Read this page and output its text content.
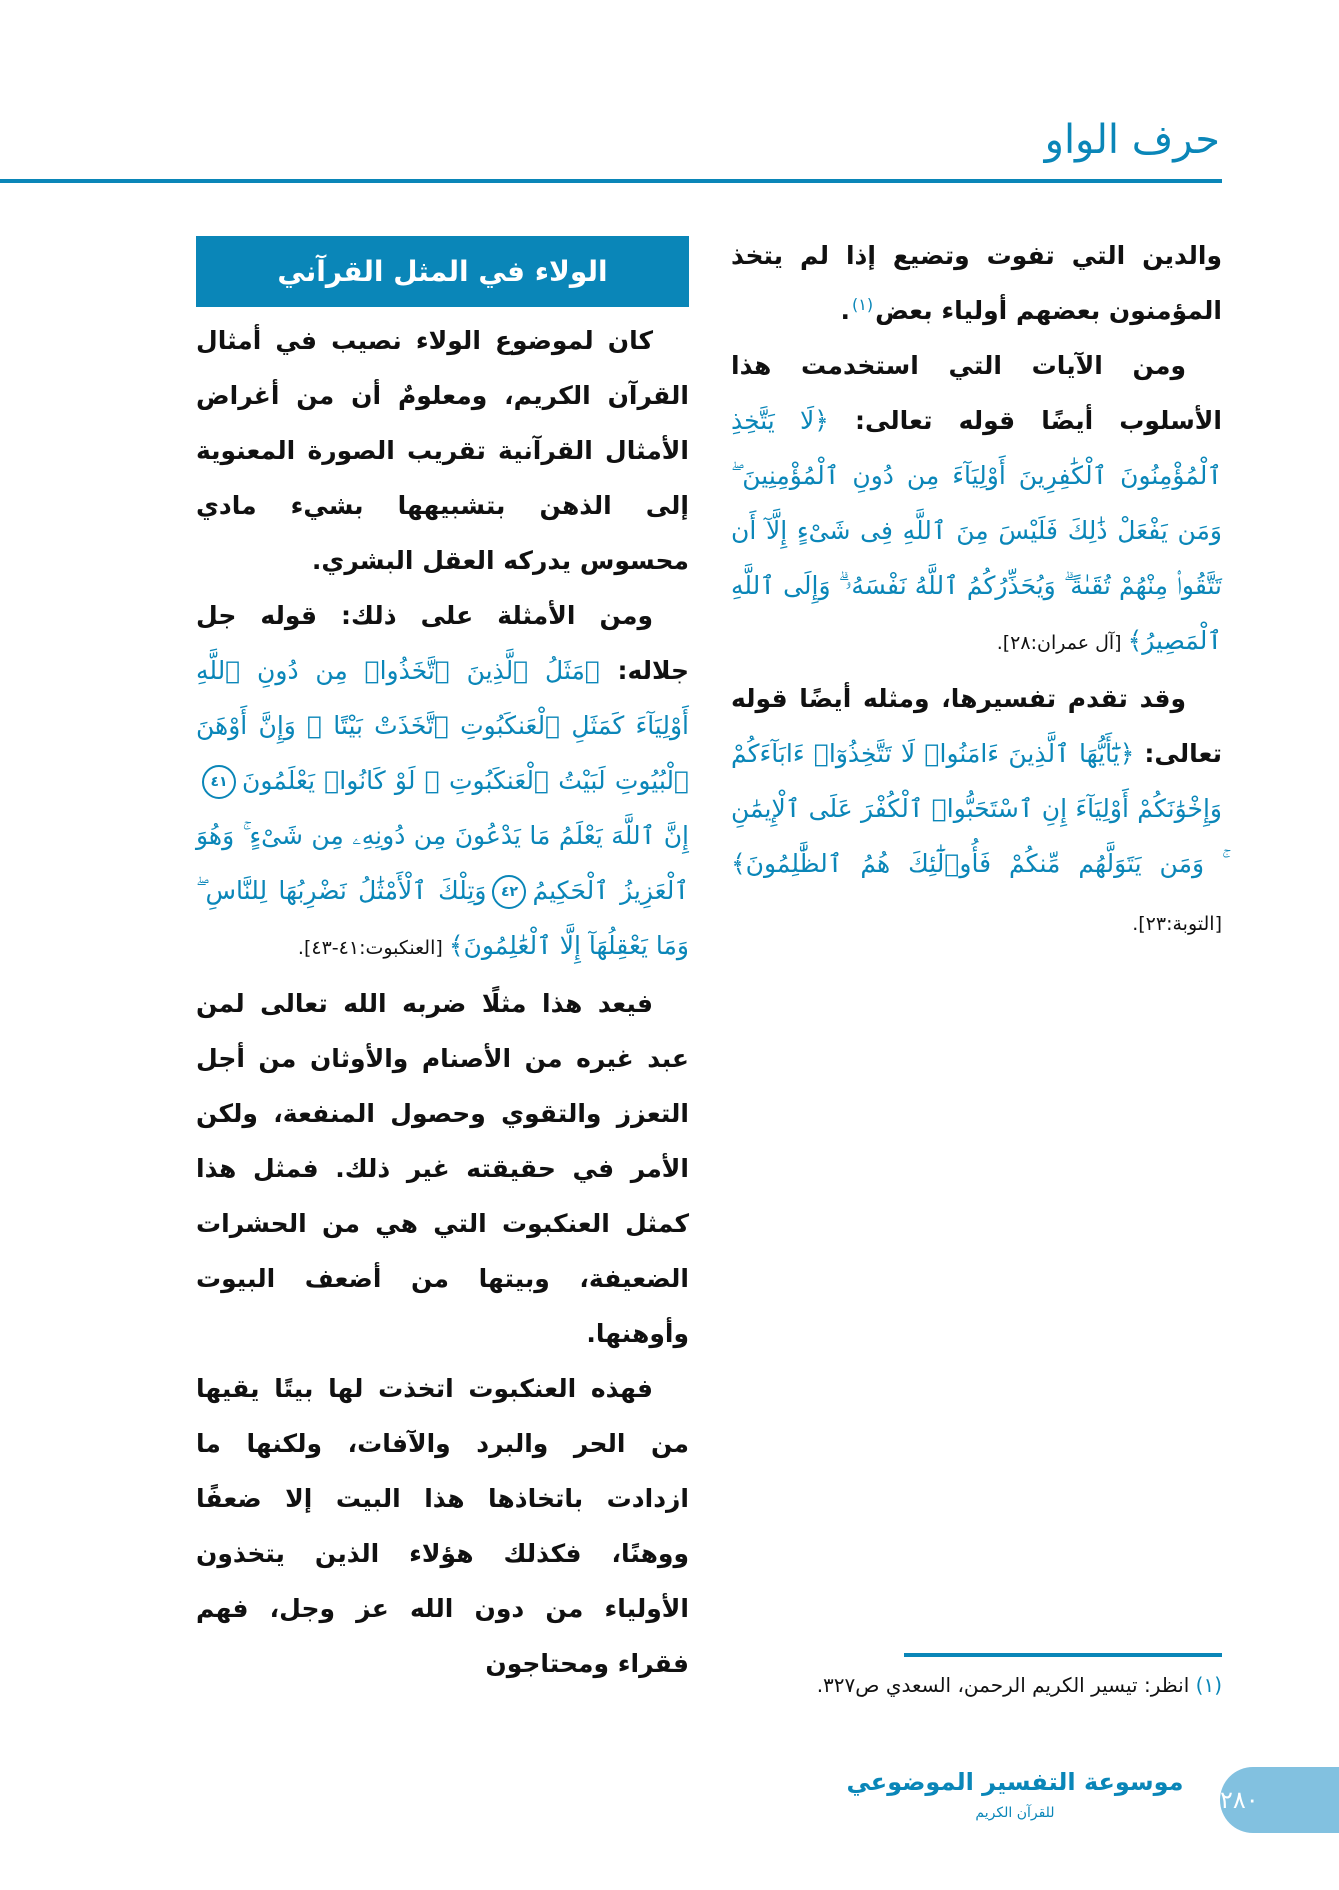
حرف الواو

والدين التي تفوت وتضيع إذا لم يتخذ المؤمنون بعضهم أولياء بعض(١).

ومن الآيات التي استخدمت هذا الأسلوب أيضًا قوله تعالى: ﴿لَا يَتَّخِذِ ٱلْمُؤْمِنُونَ ٱلْكَٰفِرِينَ أَوْلِيَآءَ مِن دُونِ ٱلْمُؤْمِنِينَ ۖ وَمَن يَفْعَلْ ذَٰلِكَ فَلَيْسَ مِنَ ٱللَّهِ فِى شَىْءٍ إِلَّآ أَن تَتَّقُوا۟ مِنْهُمْ تُقَىٰةً ۗ وَيُحَذِّرُكُمُ ٱللَّهُ نَفْسَهُۥ ۗ وَإِلَى ٱللَّهِ ٱلْمَصِيرُ﴾ [آل عمران:٢٨].

وقد تقدم تفسيرها، ومثله أيضًا قوله تعالى: ﴿يَٰٓأَيُّهَا ٱلَّذِينَ ءَامَنُوا۟ لَا تَتَّخِذُوٓا۟ ءَابَآءَكُمْ وَإِخْوَٰنَكُمْ أَوْلِيَآءَ إِنِ ٱسْتَحَبُّوا۟ ٱلْكُفْرَ عَلَى ٱلْإِيمَٰنِ ۚ وَمَن يَتَوَلَّهُم مِّنكُمْ فَأُو۟لَٰٓئِكَ هُمُ ٱلظَّٰلِمُونَ﴾ [التوبة:٢٣].

الولاء في المثل القرآني

كان لموضوع الولاء نصيب في أمثال القرآن الكريم، ومعلومٌ أن من أغراض الأمثال القرآنية تقريب الصورة المعنوية إلى الذهن بتشبيهها بشيء مادي محسوس يدركه العقل البشري.

ومن الأمثلة على ذلك: قوله جل جلاله: ﴿مَثَلُ ٱلَّذِينَ ٱتَّخَذُوا۟ مِن دُونِ ٱللَّهِ أَوْلِيَآءَ كَمَثَلِ ٱلْعَنكَبُوتِ ٱتَّخَذَتْ بَيْتًا ۖ وَإِنَّ أَوْهَنَ ٱلْبُيُوتِ لَبَيْتُ ٱلْعَنكَبُوتِ ۖ لَوْ كَانُوا۟ يَعْلَمُونَ٤١إِنَّ ٱللَّهَ يَعْلَمُ مَا يَدْعُونَ مِن دُونِهِۦ مِن شَىْءٍ ۚ وَهُوَ ٱلْعَزِيزُ ٱلْحَكِيمُ٤٢وَتِلْكَ ٱلْأَمْثَٰلُ نَضْرِبُهَا لِلنَّاسِ ۖ وَمَا يَعْقِلُهَآ إِلَّا ٱلْعَٰلِمُونَ﴾ [العنكبوت:٤١-٤٣].

فيعد هذا مثلًا ضربه الله تعالى لمن عبد غيره من الأصنام والأوثان من أجل التعزز والتقوي وحصول المنفعة، ولكن الأمر في حقيقته غير ذلك. فمثل هذا كمثل العنكبوت التي هي من الحشرات الضعيفة، وبيتها من أضعف البيوت وأوهنها.

فهذه العنكبوت اتخذت لها بيتًا يقيها من الحر والبرد والآفات، ولكنها ما ازدادت باتخاذها هذا البيت إلا ضعفًا ووهنًا، فكذلك هؤلاء الذين يتخذون الأولياء من دون الله عز وجل، فهم فقراء ومحتاجون

(١) انظر: تيسير الكريم الرحمن، السعدي ص٣٢٧.
موسوعة التفسير الموضوعي
للقرآن الكريم	٢٨٠
